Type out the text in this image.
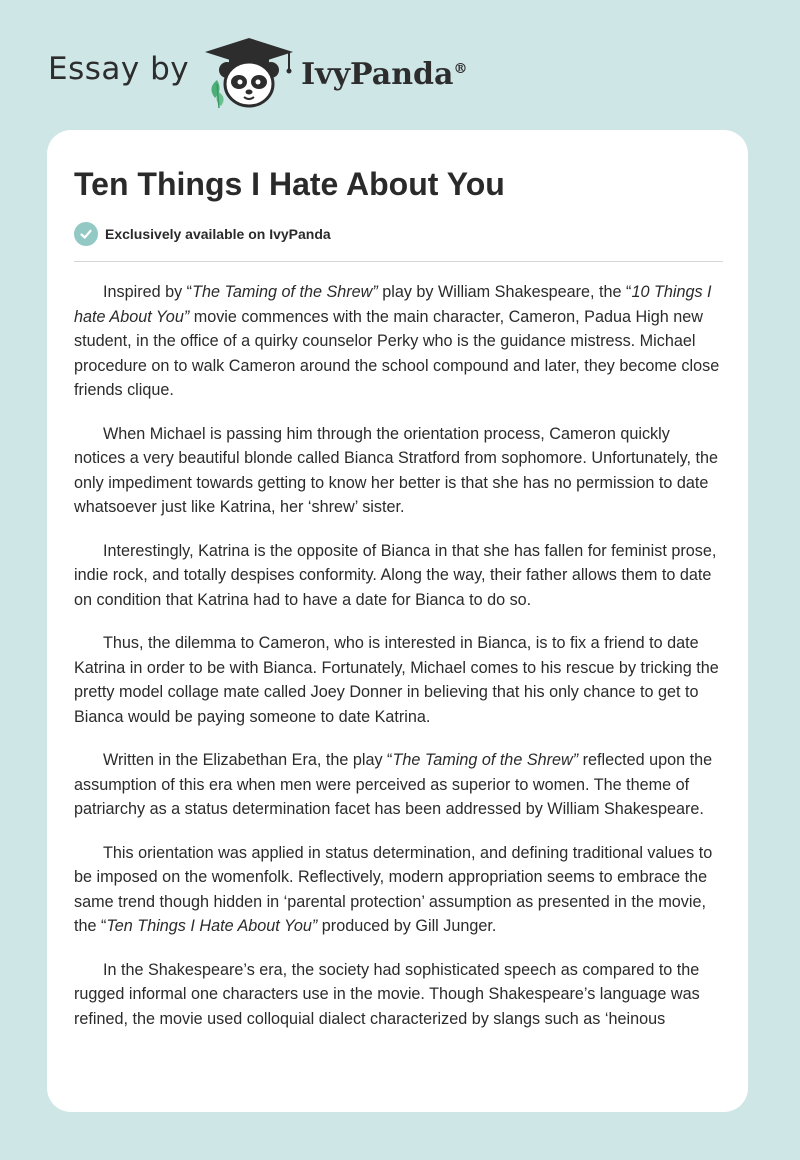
Essay by	IvyPanda®
Ten Things I Hate About You
Exclusively available on IvyPanda

Inspired by “The Taming of the Shrew” play by William Shakespeare, the “10 Things I hate About You” movie commences with the main character, Cameron, Padua High new student, in the office of a quirky counselor Perky who is the guidance mistress. Michael procedure on to walk Cameron around the school compound and later, they become close friends clique.

When Michael is passing him through the orientation process, Cameron quickly notices a very beautiful blonde called Bianca Stratford from sophomore. Unfortunately, the only impediment towards getting to know her better is that she has no permission to date whatsoever just like Katrina, her ‘shrew’ sister.

Interestingly, Katrina is the opposite of Bianca in that she has fallen for feminist prose, indie rock, and totally despises conformity. Along the way, their father allows them to date on condition that Katrina had to have a date for Bianca to do so.

Thus, the dilemma to Cameron, who is interested in Bianca, is to fix a friend to date Katrina in order to be with Bianca. Fortunately, Michael comes to his rescue by tricking the pretty model collage mate called Joey Donner in believing that his only chance to get to Bianca would be paying someone to date Katrina.

Written in the Elizabethan Era, the play “The Taming of the Shrew” reflected upon the assumption of this era when men were perceived as superior to women. The theme of patriarchy as a status determination facet has been addressed by William Shakespeare.

This orientation was applied in status determination, and defining traditional values to be imposed on the womenfolk. Reflectively, modern appropriation seems to embrace the same trend though hidden in ‘parental protection’ assumption as presented in the movie, the “Ten Things I Hate About You” produced by Gill Junger.

In the Shakespeare’s era, the society had sophisticated speech as compared to the rugged informal one characters use in the movie. Though Shakespeare’s language was refined, the movie used colloquial dialect characterized by slangs such as ‘heinous
